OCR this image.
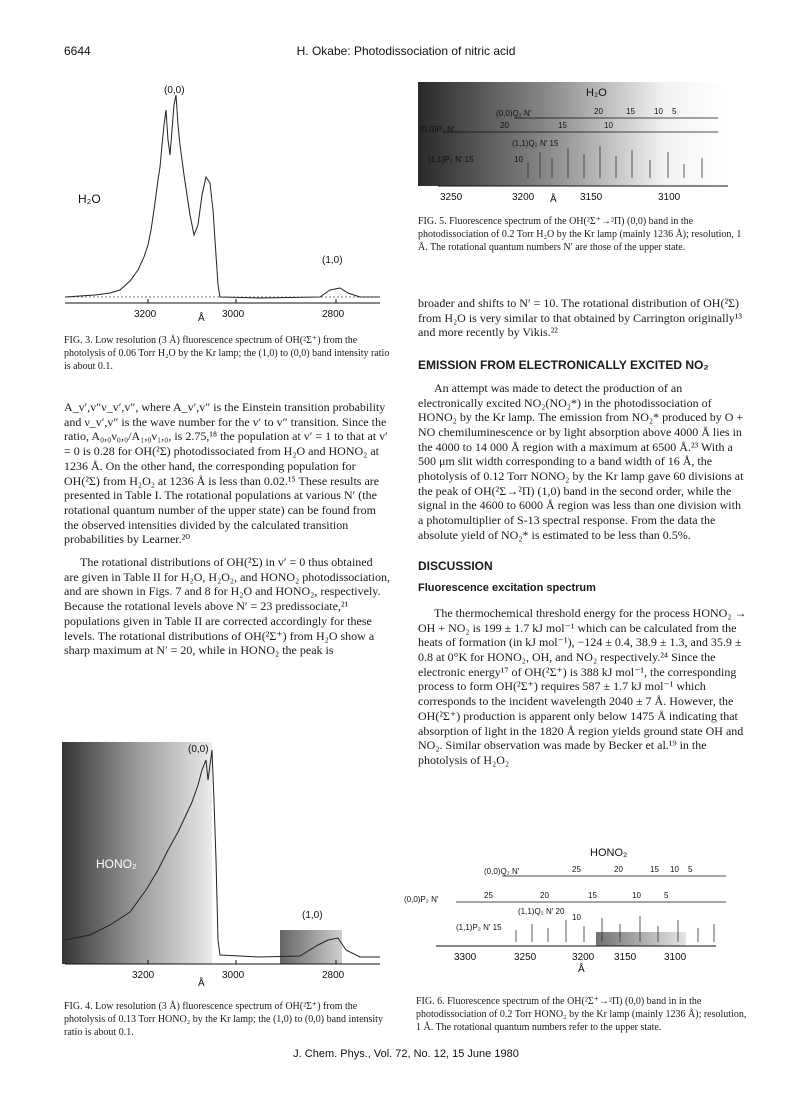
6644	H. Okabe: Photodissociation of nitric acid
3200	3000	2800
Å
(0,0)
(1,0)
H₂O
FIG. 3. Low resolution (3 Å) fluorescence spectrum of OH(²Σ⁺) from the photolysis of 0.06 Torr H₂O by the Kr lamp; the (1,0) to (0,0) band intensity ratio is about 0.1.

A_v′,v″ν_v′,v″, where A_v′,v″ is the Einstein transition probability and ν_v′,v″ is the wave number for the v′ to v″ transition. Since the ratio, A₀,₀ν₀,₀/A₁,₀ν₁,₀, is 2.75,¹⁸ the population at v′ = 1 to that at v′ = 0 is 0.28 for OH(²Σ) photodissociated from H₂O and HONO₂ at 1236 Å. On the other hand, the corresponding population for OH(²Σ) from H₂O₂ at 1236 Å is less than 0.02.¹⁵ These results are presented in Table I. The rotational populations at various N′ (the rotational quantum number of the upper state) can be found from the observed intensities divided by the calculated transition probabilities by Learner.²⁰

The rotational distributions of OH(²Σ) in v′ = 0 thus obtained are given in Table II for H₂O, H₂O₂, and HONO₂ photodissociation, and are shown in Figs. 7 and 8 for H₂O and HONO₂, respectively. Because the rotational levels above N′ = 23 predissociate,²¹ populations given in Table II are corrected accordingly for these levels. The rotational distributions of OH(²Σ⁺) from H₂O show a sharp maximum at N′ = 20, while in HONO₂ the peak is

3200	3000	2800
Å
(0,0)
(1,0)
HONO₂
FIG. 4. Low resolution (3 Å) fluorescence spectrum of OH(²Σ⁺) from the photolysis of 0.13 Torr HONO₂ by the Kr lamp; the (1,0) to (0,0) band intensity ratio is about 0.1.
H₂O
(0,0)Q₂ N′	20	15 10 5
(0,0)P₂ N′	20	15	10
(1,1)Q₂ N′ 15
(1,1)P₂ N′ 15	10
3250	3200	3150	3100
Å
FIG. 5. Fluorescence spectrum of the OH(²Σ⁺→²Π) (0,0) band in the photodissociation of 0.2 Torr H₂O by the Kr lamp (mainly 1236 Å); resolution, 1 Å. The rotational quantum numbers N′ are those of the upper state.

broader and shifts to N′ = 10. The rotational distribution of OH(²Σ) from H₂O is very similar to that obtained by Carrington originally¹³ and more recently by Vikis.²²

EMISSION FROM ELECTRONICALLY EXCITED NO₂

An attempt was made to detect the production of an electronically excited NO₂(NO₂*) in the photodissociation of HONO₂ by the Kr lamp. The emission from NO₂* produced by O + NO chemiluminescence or by light absorption above 4000 Å lies in the 4000 to 14 000 Å region with a maximum at 6500 Å.²³ With a 500 μm slit width corresponding to a band width of 16 Å, the photolysis of 0.12 Torr NONO₂ by the Kr lamp gave 60 divisions at the peak of OH(²Σ→²Π) (1,0) band in the second order, while the signal in the 4600 to 6000 Å region was less than one division with a photomultiplier of S-13 spectral response. From the data the absolute yield of NO₂* is estimated to be less than 0.5%.

DISCUSSION
Fluorescence excitation spectrum

The thermochemical threshold energy for the process HONO₂ → OH + NO₂ is 199 ± 1.7 kJ mol⁻¹ which can be calculated from the heats of formation (in kJ mol⁻¹), −124 ± 0.4, 38.9 ± 1.3, and 35.9 ± 0.8 at 0°K for HONO₂, OH, and NO₂ respectively.²⁴ Since the electronic energy¹⁷ of OH(²Σ⁺) is 388 kJ mol⁻¹, the corresponding process to form OH(²Σ⁺) requires 587 ± 1.7 kJ mol⁻¹ which corresponds to the incident wavelength 2040 ± 7 Å. However, the OH(²Σ⁺) production is apparent only below 1475 Å indicating that absorption of light in the 1820 Å region yields ground state OH and NO₂. Similar observation was made by Becker et al.¹⁹ in the photolysis of H₂O₂

HONO₂
(0,0)Q₂ N′	25	20	15 10 5
(0,0)P₂ N′	25	20	15	10	5
(1,1)Q₂ N′ 20
(1,1)P₂ N′ 15
10
3300	3250	3200 3150	3100
Å
FIG. 6. Fluorescence spectrum of the OH(²Σ⁺→²Π) (0,0) band in in the photodissociation of 0.2 Torr HONO₂ by the Kr lamp (mainly 1236 Å); resolution, 1 Å. The rotational quantum numbers refer to the upper state.
J. Chem. Phys., Vol. 72, No. 12, 15 June 1980
